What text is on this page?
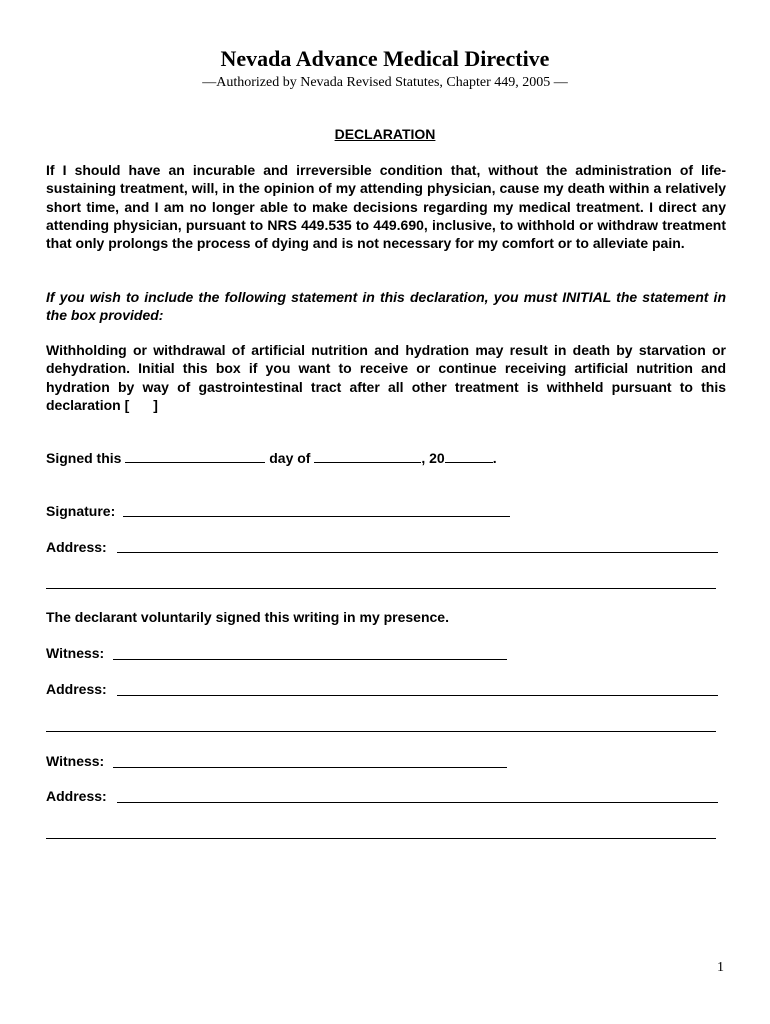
Nevada Advance Medical Directive
—Authorized by Nevada Revised Statutes, Chapter 449, 2005 —
DECLARATION

If I should have an incurable and irreversible condition that, without the administration of life-sustaining treatment, will, in the opinion of my attending physician, cause my death within a relatively short time, and I am no longer able to make decisions regarding my medical treatment. I direct any attending physician, pursuant to NRS 449.535 to 449.690, inclusive, to withhold or withdraw treatment that only prolongs the process of dying and is not necessary for my comfort or to alleviate pain.

If you wish to include the following statement in this declaration, you must INITIAL the statement in the box provided:

Withholding or withdrawal of artificial nutrition and hydration may result in death by starvation or dehydration. Initial this box if you want to receive or continue receiving artificial nutrition and hydration by way of gastrointestinal tract after all other treatment is withheld pursuant to this declaration [ ]

Signed this	day of	, 20	.
Signature:
Address:
The declarant voluntarily signed this writing in my presence.
Witness:
Address:
Witness:
Address:
1
